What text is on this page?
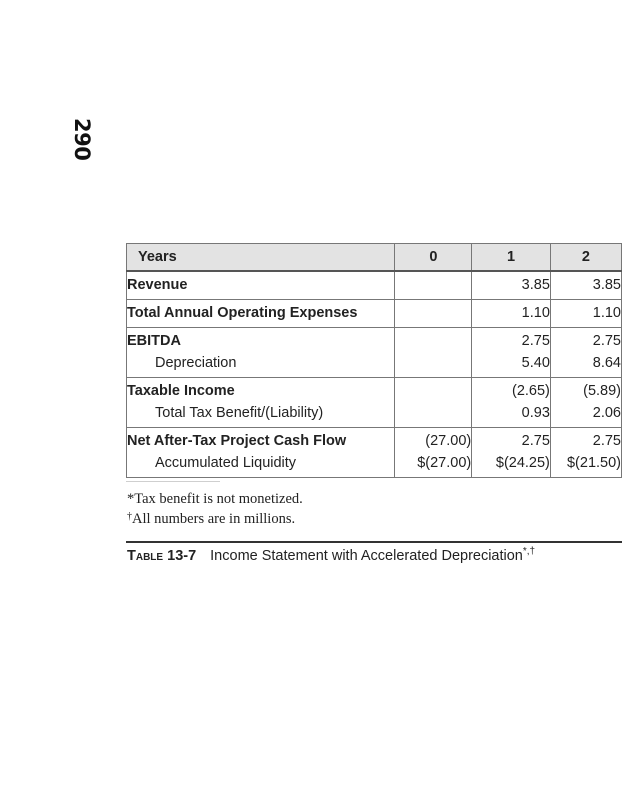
290
Years	0	1	2
Revenue		3.85	3.85
Total Annual Operating Expenses		1.10	1.10
EBITDA		2.75	2.75
Depreciation		5.40	8.64
Taxable Income		(2.65)	(5.89)
Total Tax Benefit/(Liability)		0.93	2.06
Net After-Tax Project Cash Flow	(27.00)	2.75	2.75
Accumulated Liquidity	$(27.00)	$(24.25)	$(21.50)
*Tax benefit is not monetized.
†All numbers are in millions.
Table 13-7 Income Statement with Accelerated Depreciation*,†
